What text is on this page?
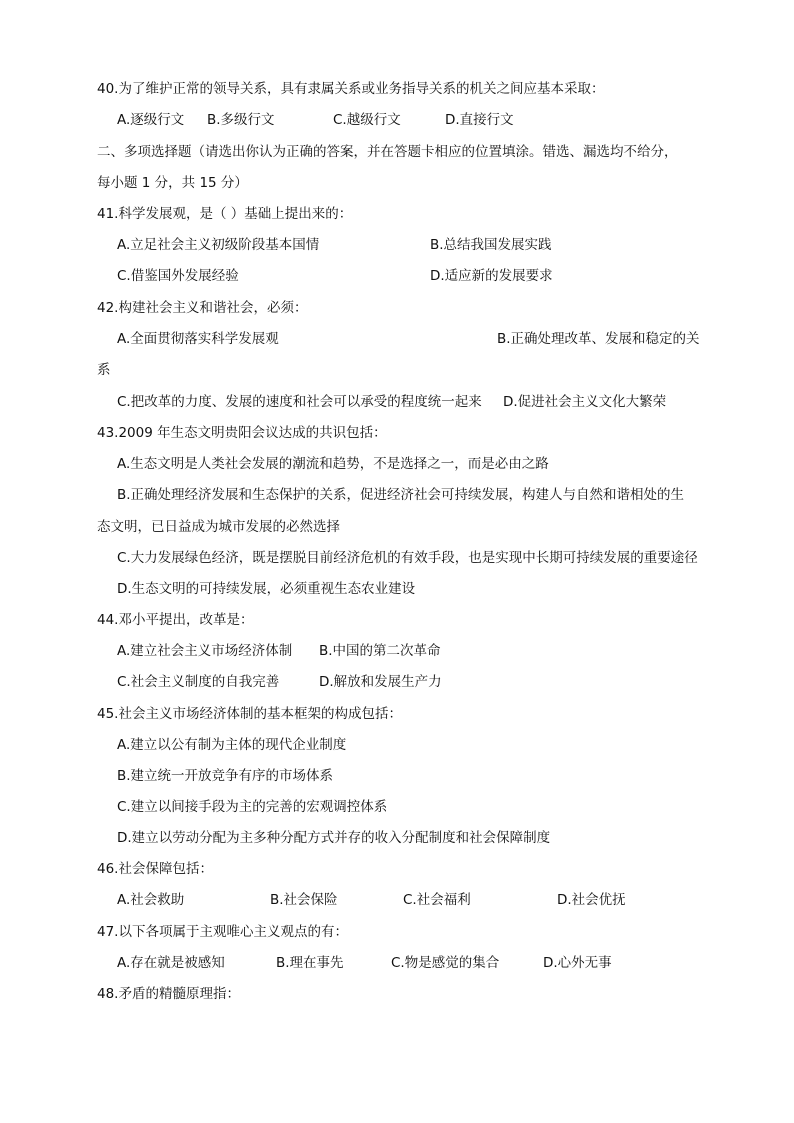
40.为了维护正常的领导关系，具有隶属关系或业务指导关系的机关之间应基本采取：
A.逐级行文 B.多级行文	C.越级行文	D.直接行文
二、多项选择题（请选出你认为正确的答案，并在答题卡相应的位置填涂。错选、漏选均不给分，
每小题 1 分，共 15 分）
41.科学发展观，是（ ）基础上提出来的：
A.立足社会主义初级阶段基本国情	B.总结我国发展实践
C.借鉴国外发展经验	D.适应新的发展要求
42.构建社会主义和谐社会，必须：
A.全面贯彻落实科学发展观	B.正确处理改革、发展和稳定的关
系
C.把改革的力度、发展的速度和社会可以承受的程度统一起来 D.促进社会主义文化大繁荣
43.2009 年生态文明贵阳会议达成的共识包括：
A.生态文明是人类社会发展的潮流和趋势，不是选择之一，而是必由之路
B.正确处理经济发展和生态保护的关系，促进经济社会可持续发展，构建人与自然和谐相处的生
态文明，已日益成为城市发展的必然选择
C.大力发展绿色经济，既是摆脱目前经济危机的有效手段，也是实现中长期可持续发展的重要途径
D.生态文明的可持续发展，必须重视生态农业建设
44.邓小平提出，改革是：
A.建立社会主义市场经济体制 B.中国的第二次革命
C.社会主义制度的自我完善	D.解放和发展生产力
45.社会主义市场经济体制的基本框架的构成包括：
A.建立以公有制为主体的现代企业制度
B.建立统一开放竞争有序的市场体系
C.建立以间接手段为主的完善的宏观调控体系
D.建立以劳动分配为主多种分配方式并存的收入分配制度和社会保障制度
46.社会保障包括：
A.社会救助	B.社会保险	C.社会福利	D.社会优抚
47.以下各项属于主观唯心主义观点的有：
A.存在就是被感知	B.理在事先	C.物是感觉的集合	D.心外无事
48.矛盾的精髓原理指：
